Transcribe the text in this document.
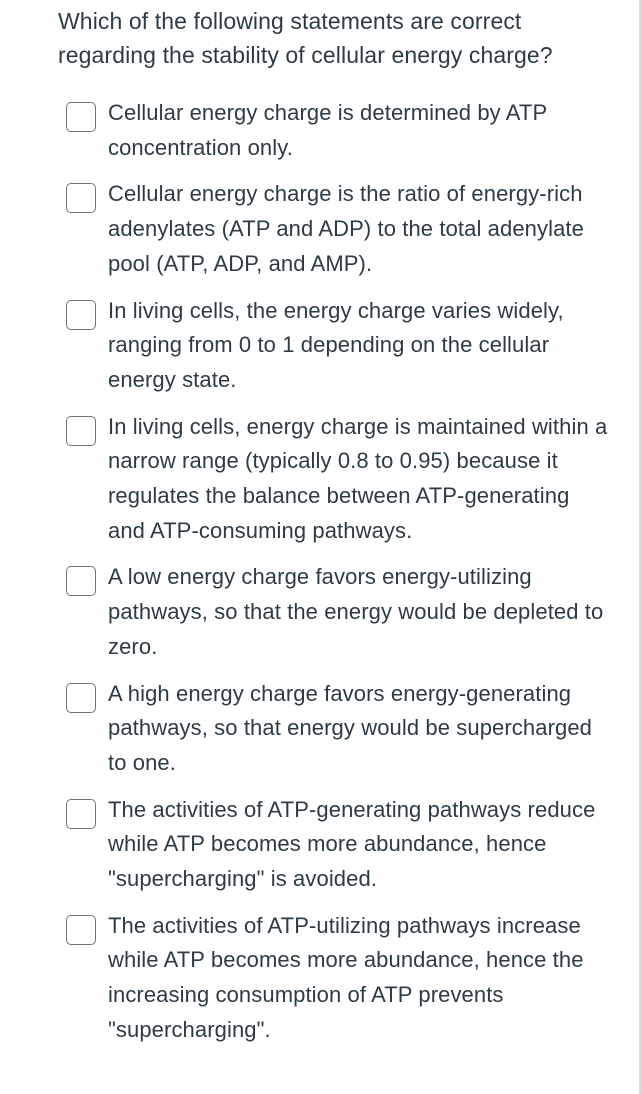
Which of the following statements are correct regarding the stability of cellular energy charge?
Cellular energy charge is determined by ATP concentration only.
Cellular energy charge is the ratio of energy-rich adenylates (ATP and ADP) to the total adenylate pool (ATP, ADP, and AMP).
In living cells, the energy charge varies widely, ranging from 0 to 1 depending on the cellular energy state.
In living cells, energy charge is maintained within a narrow range (typically 0.8 to 0.95) because it regulates the balance between ATP-generating and ATP-consuming pathways.
A low energy charge favors energy-utilizing pathways, so that the energy would be depleted to zero.
A high energy charge favors energy-generating pathways, so that energy would be supercharged to one.
The activities of ATP-generating pathways reduce while ATP becomes more abundance, hence "supercharging" is avoided.
The activities of ATP-utilizing pathways increase while ATP becomes more abundance, hence the increasing consumption of ATP prevents "supercharging".
